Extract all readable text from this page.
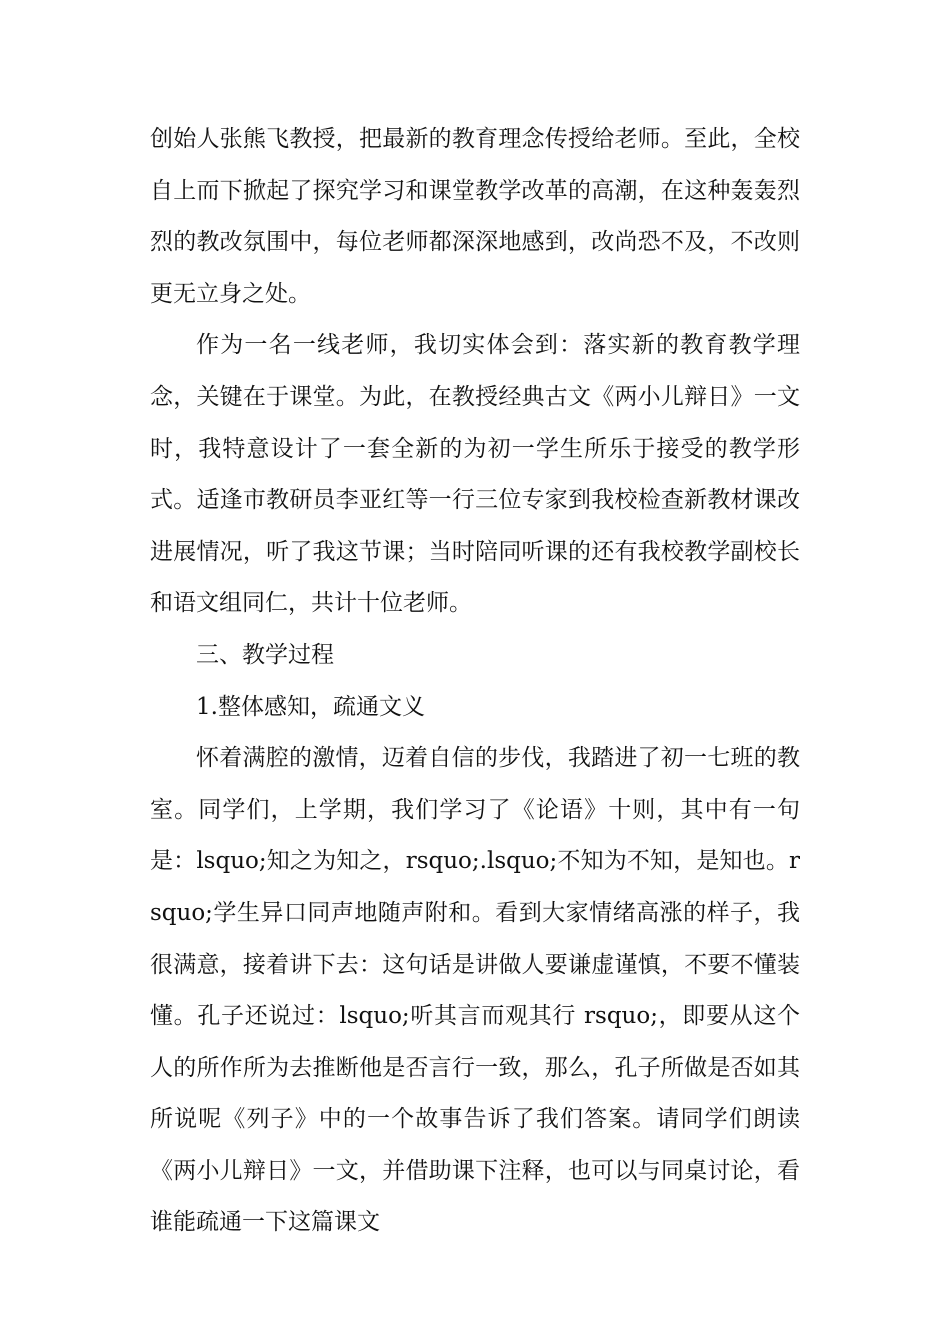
创始人张熊飞教授，把最新的教育理念传授给老师。至此，全校自上而下掀起了探究学习和课堂教学改革的高潮，在这种轰轰烈烈的教改氛围中，每位老师都深深地感到，改尚恐不及，不改则更无立身之处。

作为一名一线老师，我切实体会到：落实新的教育教学理念，关键在于课堂。为此，在教授经典古文《两小儿辩日》一文时，我特意设计了一套全新的为初一学生所乐于接受的教学形式。适逢市教研员李亚红等一行三位专家到我校检查新教材课改进展情况，听了我这节课；当时陪同听课的还有我校教学副校长和语文组同仁，共计十位老师。

三、教学过程

1.整体感知，疏通文义

怀着满腔的激情，迈着自信的步伐，我踏进了初一七班的教室。同学们，上学期，我们学习了《论语》十则，其中有一句是：lsquo;知之为知之，rsquo;.lsquo;不知为不知，是知也。rsquo;学生异口同声地随声附和。看到大家情绪高涨的样子，我很满意，接着讲下去：这句话是讲做人要谦虚谨慎，不要不懂装懂。孔子还说过：lsquo;听其言而观其行 rsquo;，即要从这个人的所作所为去推断他是否言行一致，那么，孔子所做是否如其所说呢《列子》中的一个故事告诉了我们答案。请同学们朗读《两小儿辩日》一文，并借助课下注释，也可以与同桌讨论，看谁能疏通一下这篇课文
